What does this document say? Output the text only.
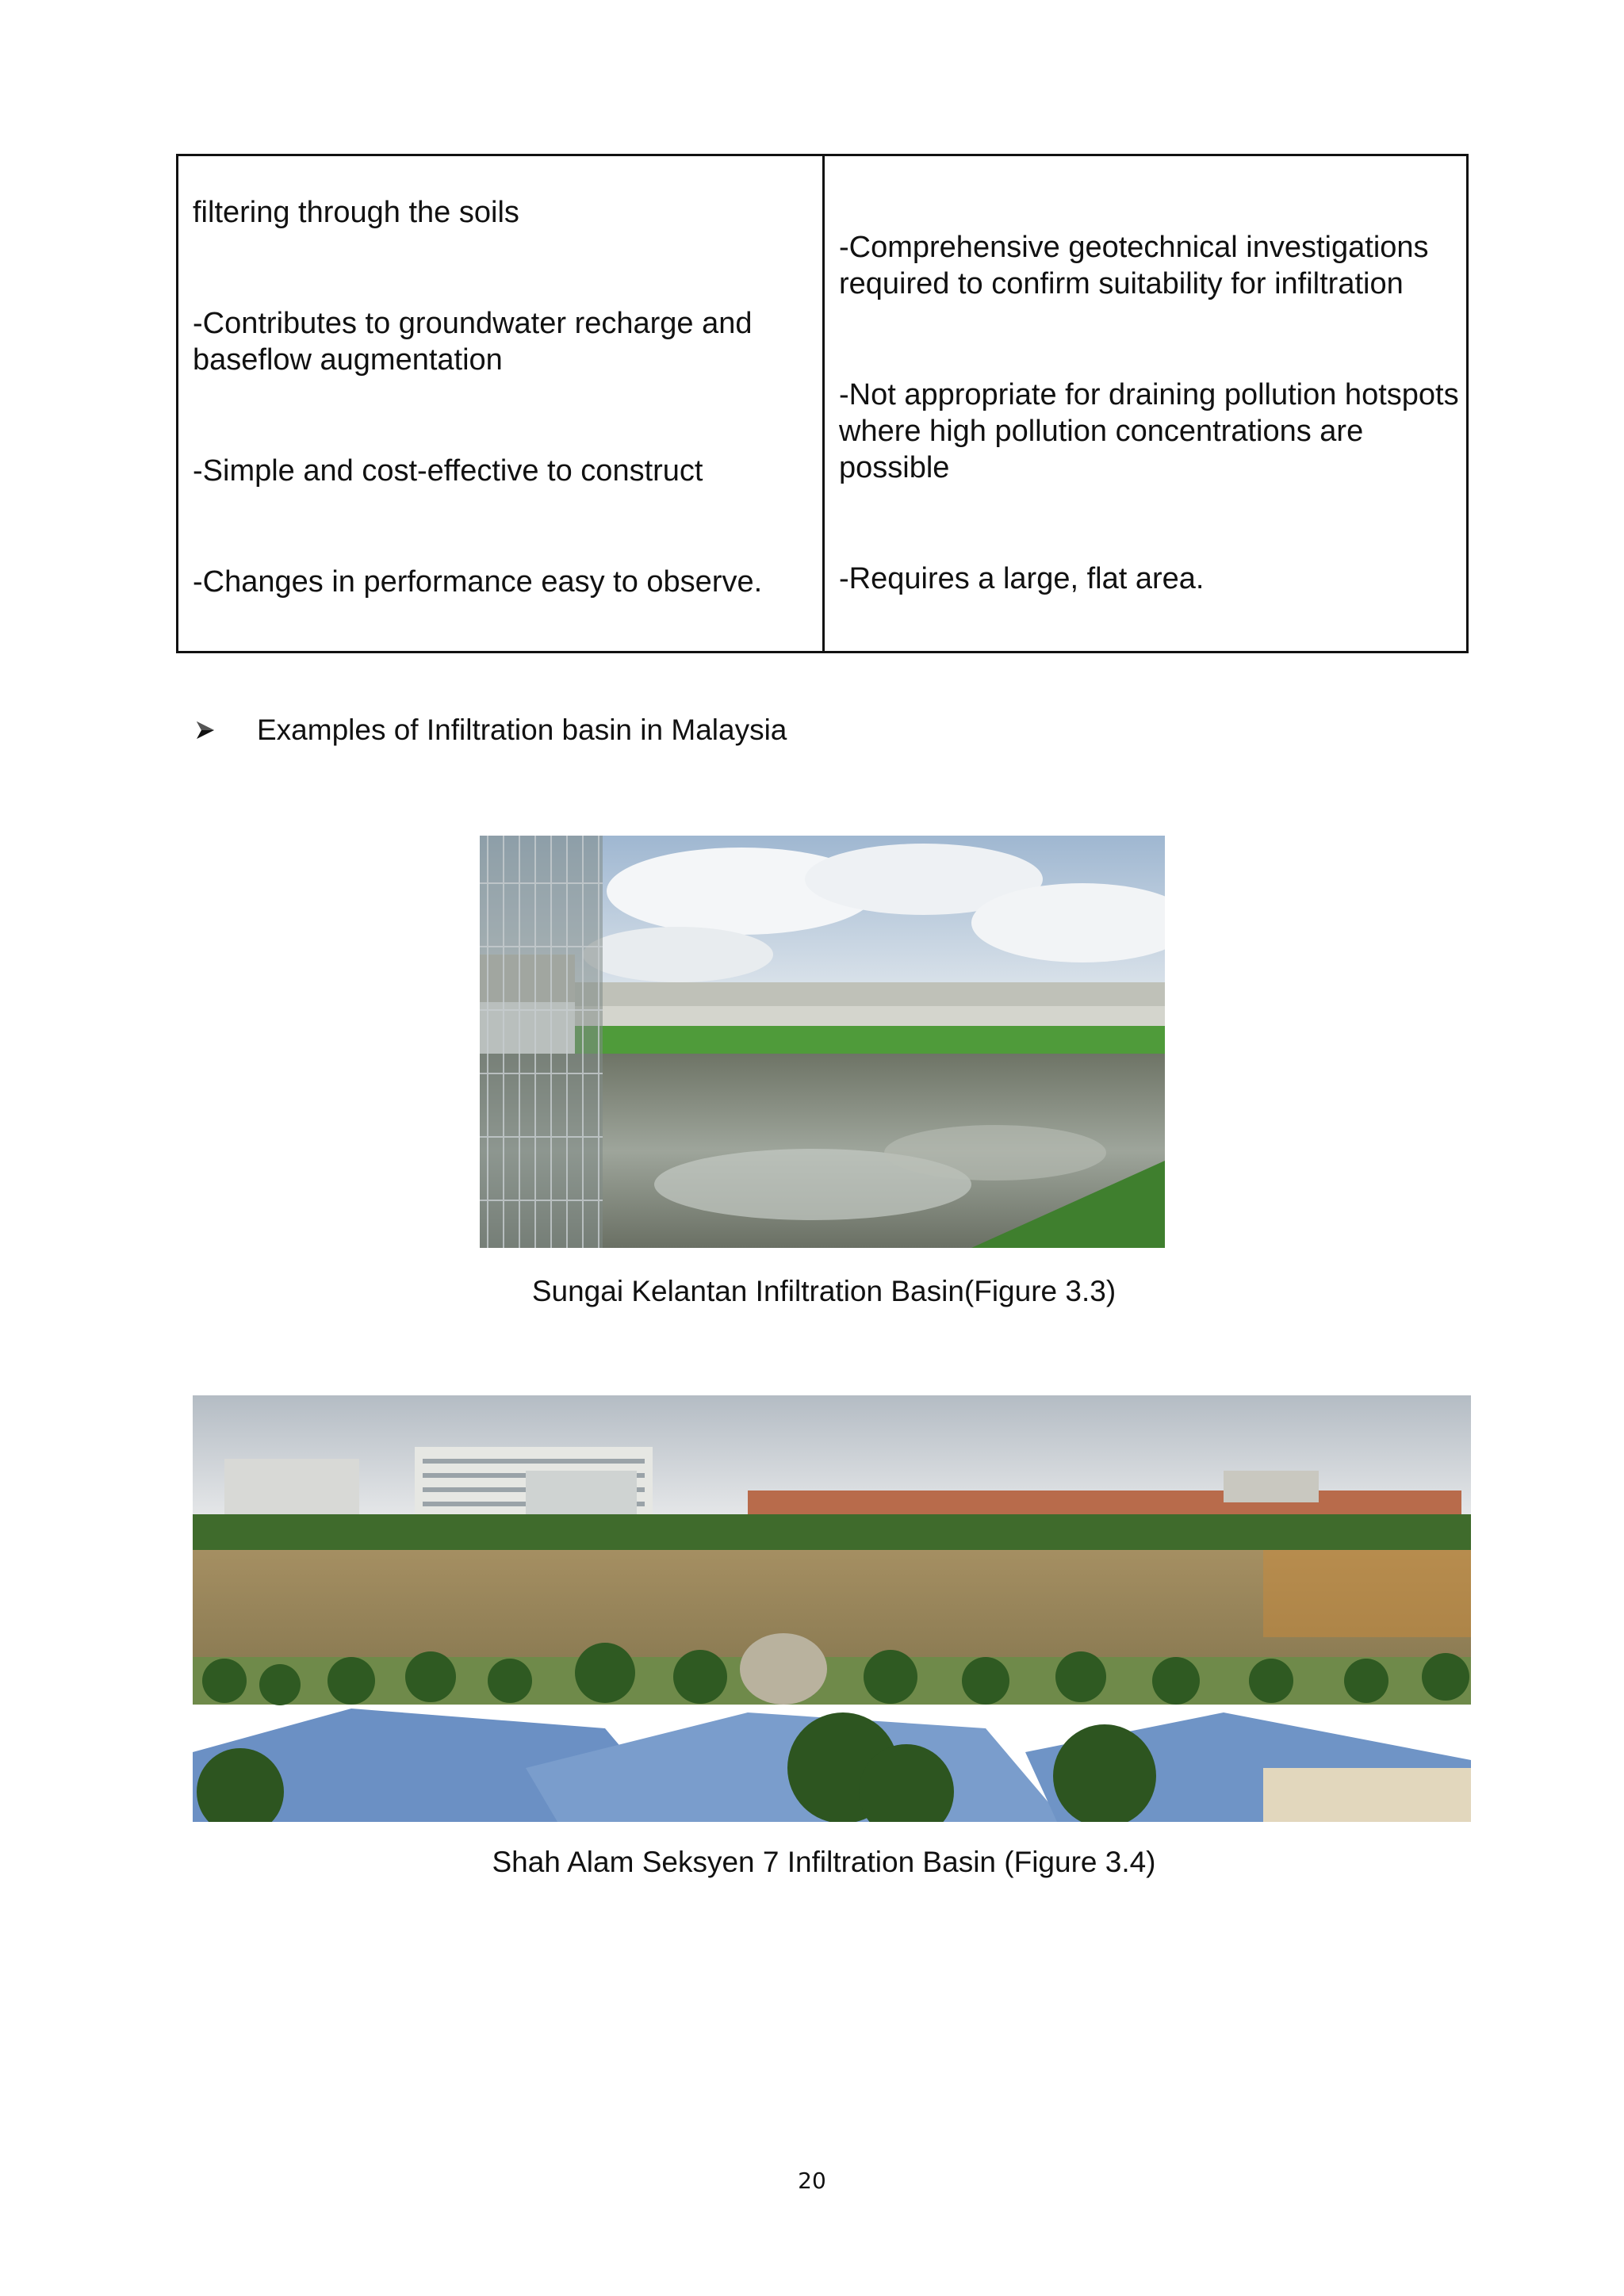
filtering through the soils

-Contributes to groundwater recharge and baseflow augmentation

-Simple and cost-effective to construct

-Changes in performance easy to observe.

-Comprehensive geotechnical investigations required to confirm suitability for infiltration

-Not appropriate for draining pollution hotspots where high pollution concentrations are possible

-Requires a large, flat area.

Examples of Infiltration basin in Malaysia
Sungai Kelantan Infiltration Basin(Figure 3.3)
Shah Alam Seksyen 7 Infiltration Basin (Figure 3.4)
20
